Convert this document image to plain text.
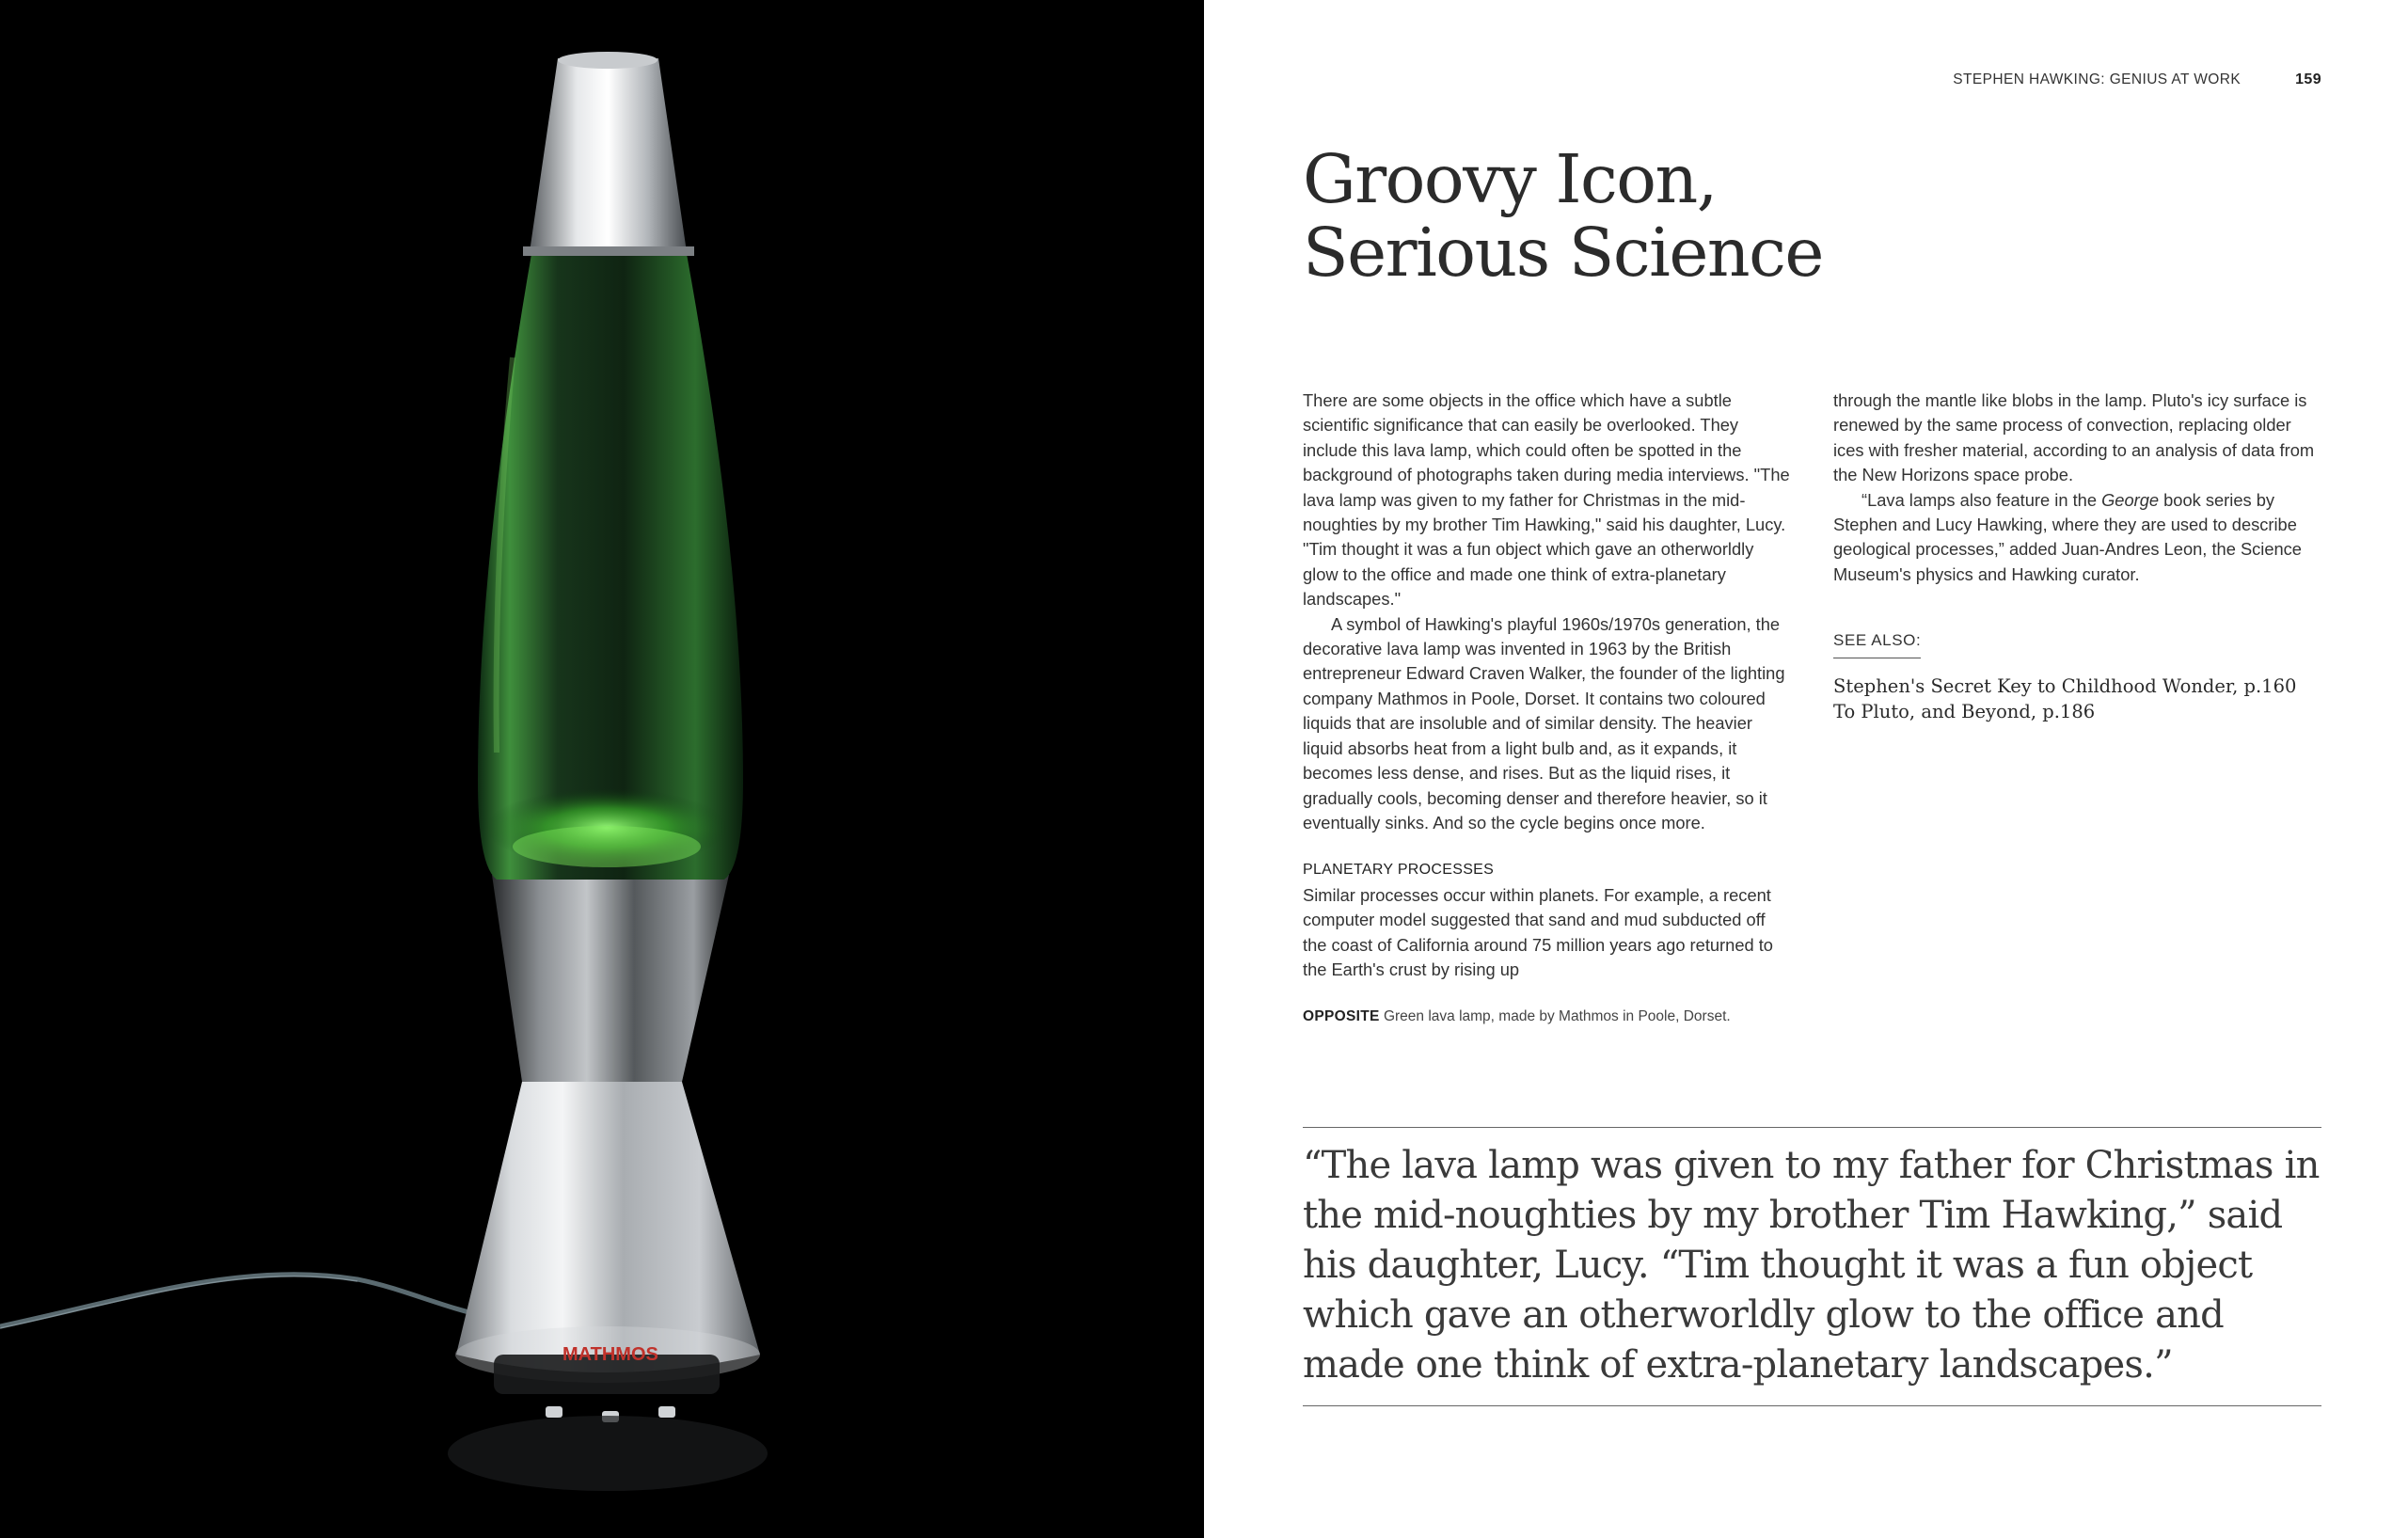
MATHMOS
STEPHEN HAWKING: GENIUS AT WORK	159
Groovy Icon,
Serious Science

There are some objects in the office which have a subtle scientific significance that can easily be overlooked. They include this lava lamp, which could often be spotted in the background of photographs taken during media interviews. "The lava lamp was given to my father for Christmas in the mid-noughties by my brother Tim Hawking," said his daughter, Lucy. "Tim thought it was a fun object which gave an otherworldly glow to the office and made one think of extra-planetary landscapes."

A symbol of Hawking's playful 1960s/1970s generation, the decorative lava lamp was invented in 1963 by the British entrepreneur Edward Craven Walker, the founder of the lighting company Mathmos in Poole, Dorset. It contains two coloured liquids that are insoluble and of similar density. The heavier liquid absorbs heat from a light bulb and, as it expands, it becomes less dense, and rises. But as the liquid rises, it gradually cools, becoming denser and therefore heavier, so it eventually sinks. And so the cycle begins once more.

PLANETARY PROCESSES

Similar processes occur within planets. For example, a recent computer model suggested that sand and mud subducted off the coast of California around 75 million years ago returned to the Earth's crust by rising up

OPPOSITE Green lava lamp, made by Mathmos in Poole, Dorset.

through the mantle like blobs in the lamp. Pluto's icy surface is renewed by the same process of convection, replacing older ices with fresher material, according to an analysis of data from the New Horizons space probe.

“Lava lamps also feature in the George book series by Stephen and Lucy Hawking, where they are used to describe geological processes,” added Juan-Andres Leon, the Science Museum's physics and Hawking curator.

SEE ALSO:
Stephen's Secret Key to Childhood Wonder, p.160
To Pluto, and Beyond, p.186

“The lava lamp was given to my father for Christmas in the mid-noughties by my brother Tim Hawking,” said his daughter, Lucy. “Tim thought it was a fun object which gave an otherworldly glow to the office and made one think of extra-planetary landscapes.”
